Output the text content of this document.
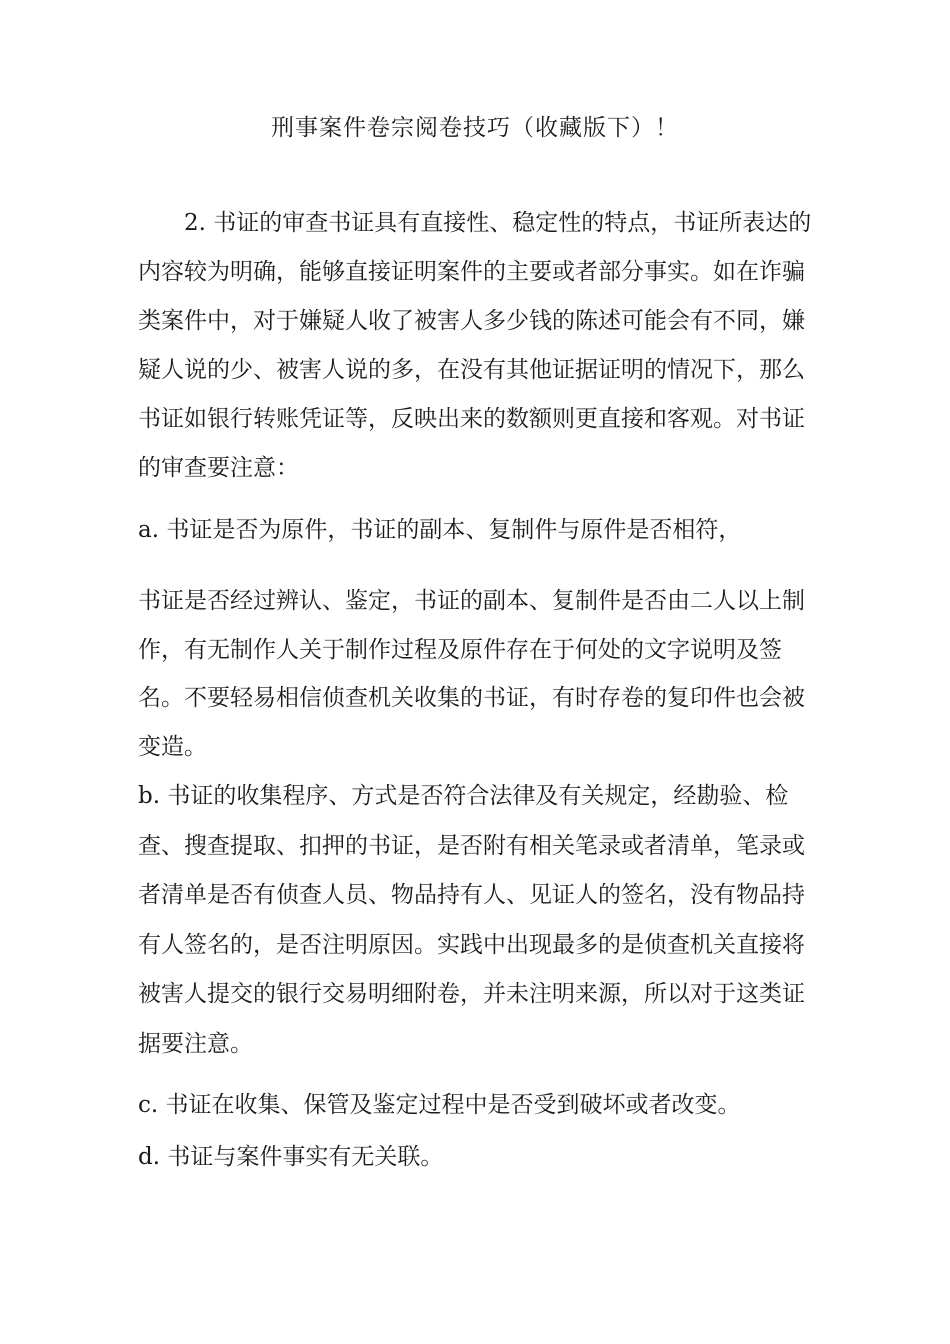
刑事案件卷宗阅卷技巧（收藏版下）！

2. 书证的审查书证具有直接性、稳定性的特点，书证所表达的内容较为明确，能够直接证明案件的主要或者部分事实。如在诈骗类案件中，对于嫌疑人收了被害人多少钱的陈述可能会有不同，嫌疑人说的少、被害人说的多，在没有其他证据证明的情况下，那么书证如银行转账凭证等，反映出来的数额则更直接和客观。对书证的审查要注意：

a. 书证是否为原件，书证的副本、复制件与原件是否相符，

书证是否经过辨认、鉴定，书证的副本、复制件是否由二人以上制作，有无制作人关于制作过程及原件存在于何处的文字说明及签名。不要轻易相信侦查机关收集的书证，有时存卷的复印件也会被变造。

b. 书证的收集程序、方式是否符合法律及有关规定，经勘验、检查、搜查提取、扣押的书证，是否附有相关笔录或者清单，笔录或者清单是否有侦查人员、物品持有人、见证人的签名，没有物品持有人签名的，是否注明原因。实践中出现最多的是侦查机关直接将被害人提交的银行交易明细附卷，并未注明来源，所以对于这类证据要注意。

c. 书证在收集、保管及鉴定过程中是否受到破坏或者改变。

d. 书证与案件事实有无关联。
